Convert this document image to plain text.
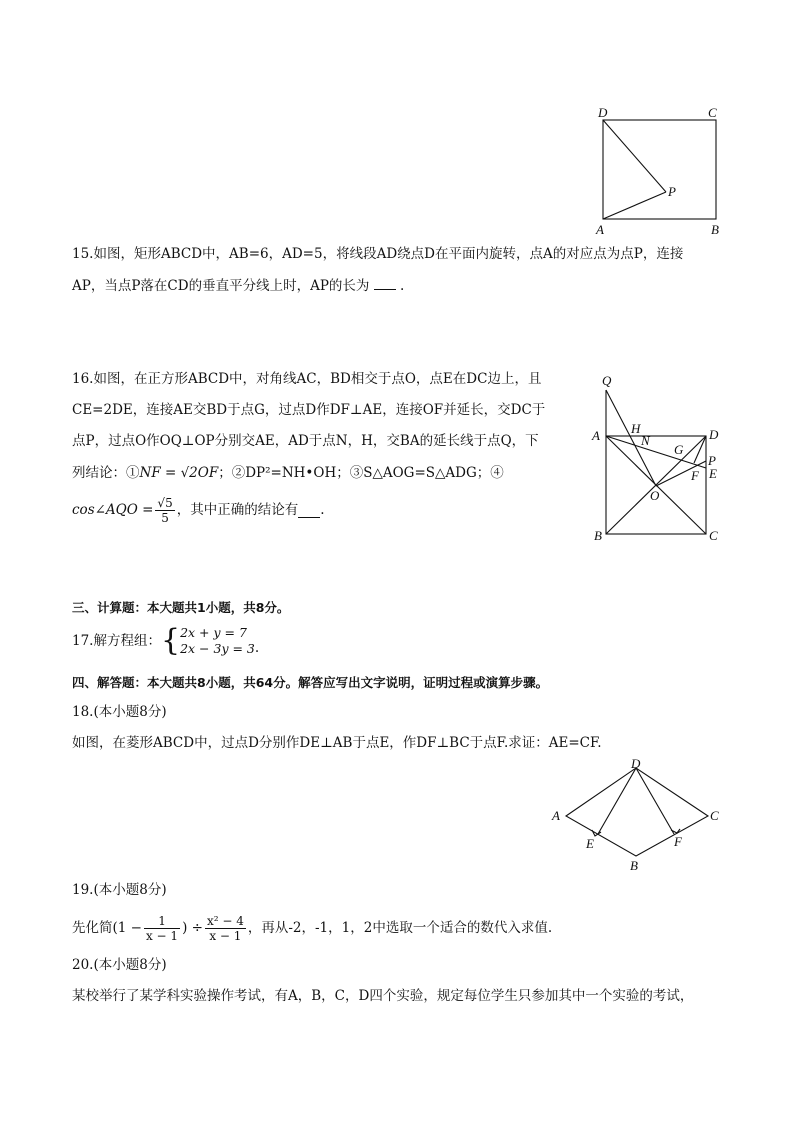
D	C
A	B
P
15.如图，矩形ABCD中，AB=6，AD=5，将线段AD绕点D在平面内旋转，点A的对应点为点P，连接
AP，当点P落在CD的垂直平分线上时，AP的长为 .
Q
A H
N
G
D
P
E
F
O
B	C
16.如图，在正方形ABCD中，对角线AC，BD相交于点O，点E在DC边上，且
CE=2DE，连接AE交BD于点G，过点D作DF⊥AE，连接OF并延长，交DC于
点P，过点O作OQ⊥OP分别交AE，AD于点N，H，交BA的延长线于点Q，下
列结论：①NF = √2OF；②DP²=NH•OH；③S△AOG=S△ADG；④
cos∠AQO = $\frac{√5}{5}$ ，其中正确的结论有 .
三、计算题：本大题共1小题，共8分。
17.解方程组： { 2x + y = 7
2x − 3y = 3 .
四、解答题：本大题共8小题，共64分。解答应写出文字说明，证明过程或演算步骤。
18.(本小题8分)
如图，在菱形ABCD中，过点D分别作DE⊥AB于点E，作DF⊥BC于点F.求证：AE=CF.
D
A	C
E	F
B
19.(本小题8分)
先化简($1 - \frac{1}{x - 1}$ ) ÷ $\frac{\text{x² − 4}}{x - 1}$ ，再从-2，-1，1，2中选取一个适合的数代入求值.
20.(本小题8分)
某校举行了某学科实验操作考试，有A，B，C，D四个实验，规定每位学生只参加其中一个实验的考试，
